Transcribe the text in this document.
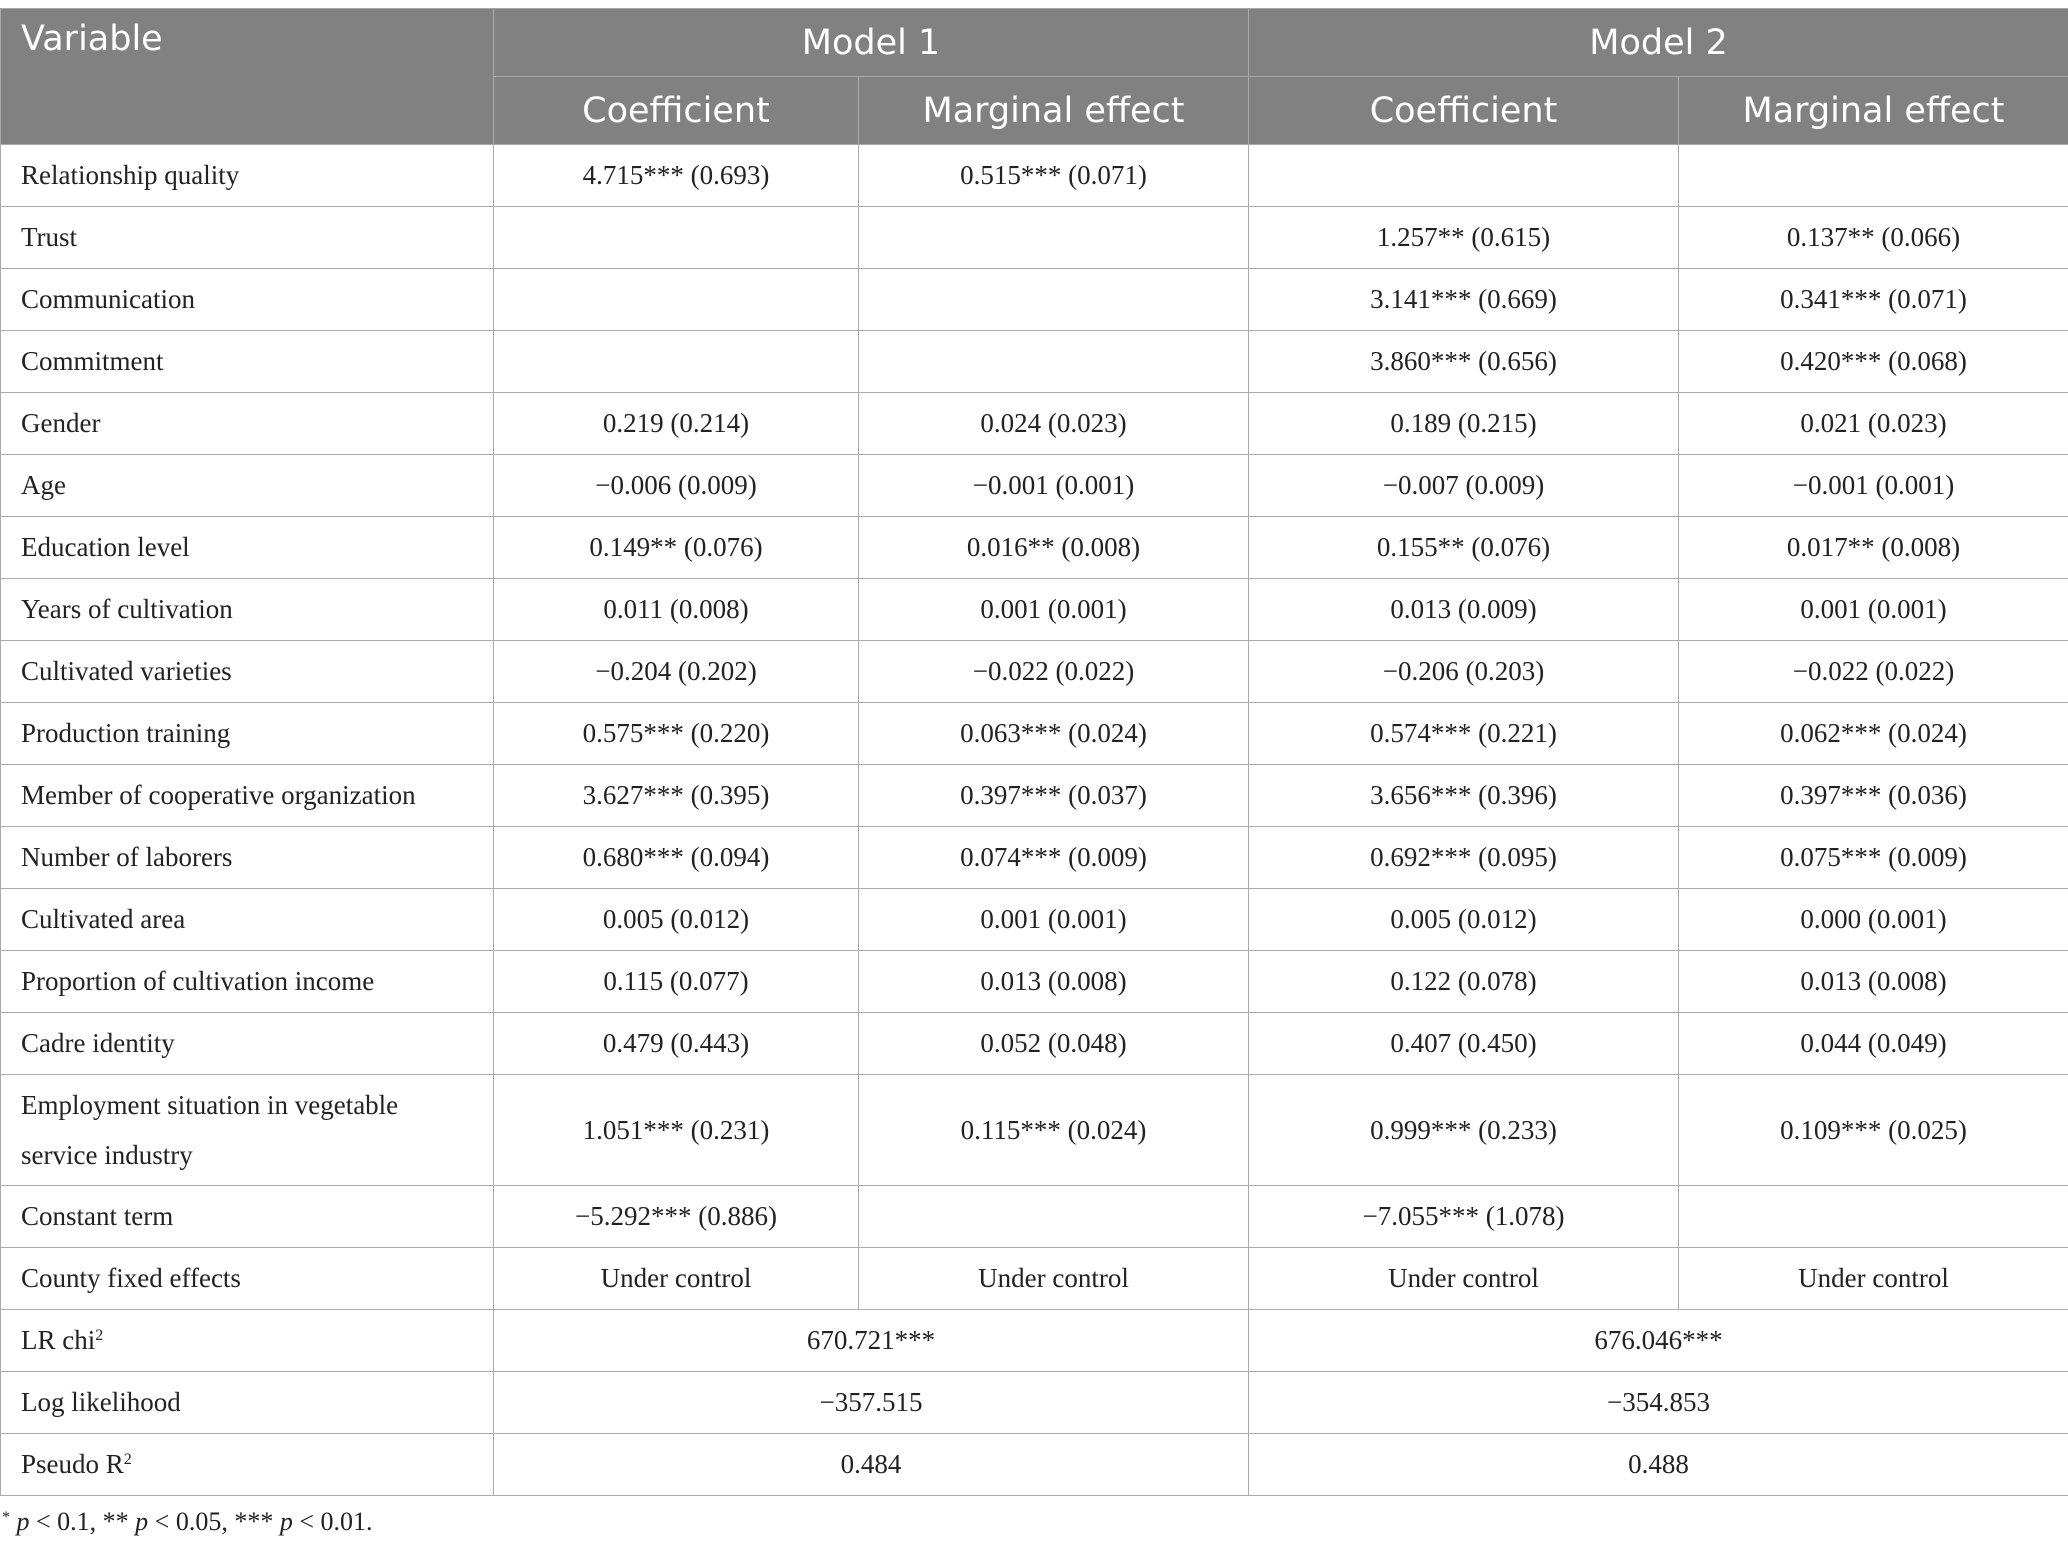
Variable	Model 1		Model 2	
	Coefficient	Marginal effect	Coefficient	Marginal effect
Relationship quality	4.715*** (0.693)	0.515*** (0.071)		
Trust			1.257** (0.615)	0.137** (0.066)
Communication			3.141*** (0.669)	0.341*** (0.071)
Commitment			3.860*** (0.656)	0.420*** (0.068)
Gender	0.219 (0.214)	0.024 (0.023)	0.189 (0.215)	0.021 (0.023)
Age	−0.006 (0.009)	−0.001 (0.001)	−0.007 (0.009)	−0.001 (0.001)
Education level	0.149** (0.076)	0.016** (0.008)	0.155** (0.076)	0.017** (0.008)
Years of cultivation	0.011 (0.008)	0.001 (0.001)	0.013 (0.009)	0.001 (0.001)
Cultivated varieties	−0.204 (0.202)	−0.022 (0.022)	−0.206 (0.203)	−0.022 (0.022)
Production training	0.575*** (0.220)	0.063*** (0.024)	0.574*** (0.221)	0.062*** (0.024)
Member of cooperative organization	3.627*** (0.395)	0.397*** (0.037)	3.656*** (0.396)	0.397*** (0.036)
Number of laborers	0.680*** (0.094)	0.074*** (0.009)	0.692*** (0.095)	0.075*** (0.009)
Cultivated area	0.005 (0.012)	0.001 (0.001)	0.005 (0.012)	0.000 (0.001)
Proportion of cultivation income	0.115 (0.077)	0.013 (0.008)	0.122 (0.078)	0.013 (0.008)
Cadre identity	0.479 (0.443)	0.052 (0.048)	0.407 (0.450)	0.044 (0.049)
Employment situation in vegetable service industry	1.051*** (0.231)	0.115*** (0.024)	0.999*** (0.233)	0.109*** (0.025)
Constant term	−5.292*** (0.886)		−7.055*** (1.078)	
County fixed effects	Under control	Under control	Under control	Under control
LR chi$^2$	670.721***		676.046***	
Log likelihood	−357.515		−354.853	
Pseudo $R^2$	0.484		0.488	
* p < 0.1, ** p < 0.05, *** p < 0.01.
